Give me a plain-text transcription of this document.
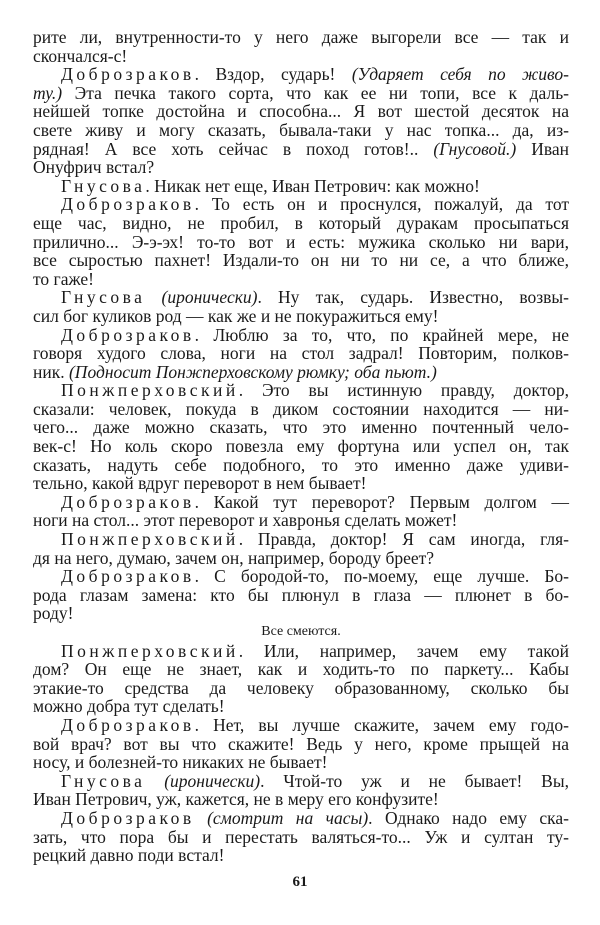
рите ли, внутренности-то у него даже выгорели все — так и
скончался-с!
Доброзраков. Вздор, сударь! (Ударяет себя по живо-
ту.) Эта печка такого сорта, что как ее ни топи, все к даль-
нейшей топке достойна и способна... Я вот шестой десяток на
свете живу и могу сказать, бывала-таки у нас топка... да, из-
рядная! А все хоть сейчас в поход готов!.. (Гнусовой.) Иван
Онуфрич встал?
Гнусова. Никак нет еще, Иван Петрович: как можно!
Доброзраков. То есть он и проснулся, пожалуй, да тот
еще час, видно, не пробил, в который дуракам просыпаться
прилично... Э-э-эх! то-то вот и есть: мужика сколько ни вари,
все сыростью пахнет! Издали-то он ни то ни се, а что ближе,
то гаже!
Гнусова (иронически). Ну так, сударь. Известно, возвы-
сил бог куликов род — как же и не покуражиться ему!
Доброзраков. Люблю за то, что, по крайней мере, не
говоря худого слова, ноги на стол задрал! Повторим, полков-
ник. (Подносит Понжперховскому рюмку; оба пьют.)
Понжперховский. Это вы истинную правду, доктор,
сказали: человек, покуда в диком состоянии находится — ни-
чего... даже можно сказать, что это именно почтенный чело-
век-с! Но коль скоро повезла ему фортуна или успел он, так
сказать, надуть себе подобного, то это именно даже удиви-
тельно, какой вдруг переворот в нем бывает!
Доброзраков. Какой тут переворот? Первым долгом —
ноги на стол... этот переворот и хавронья сделать может!
Понжперховский. Правда, доктор! Я сам иногда, гля-
дя на него, думаю, зачем он, например, бороду бреет?
Доброзраков. С бородой-то, по-моему, еще лучше. Бо-
рода глазам замена: кто бы плюнул в глаза — плюнет в бо-
роду!
Все смеются.
Понжперховский. Или, например, зачем ему такой
дом? Он еще не знает, как и ходить-то по паркету... Кабы
этакие-то средства да человеку образованному, сколько бы
можно добра тут сделать!
Доброзраков. Нет, вы лучше скажите, зачем ему годо-
вой врач? вот вы что скажите! Ведь у него, кроме прыщей на
носу, и болезней-то никаких не бывает!
Гнусова (иронически). Чтой-то уж и не бывает! Вы,
Иван Петрович, уж, кажется, не в меру его конфузите!
Доброзраков (смотрит на часы). Однако надо ему ска-
зать, что пора бы и перестать валяться-то... Уж и султан ту-
рецкий давно поди встал!
61
